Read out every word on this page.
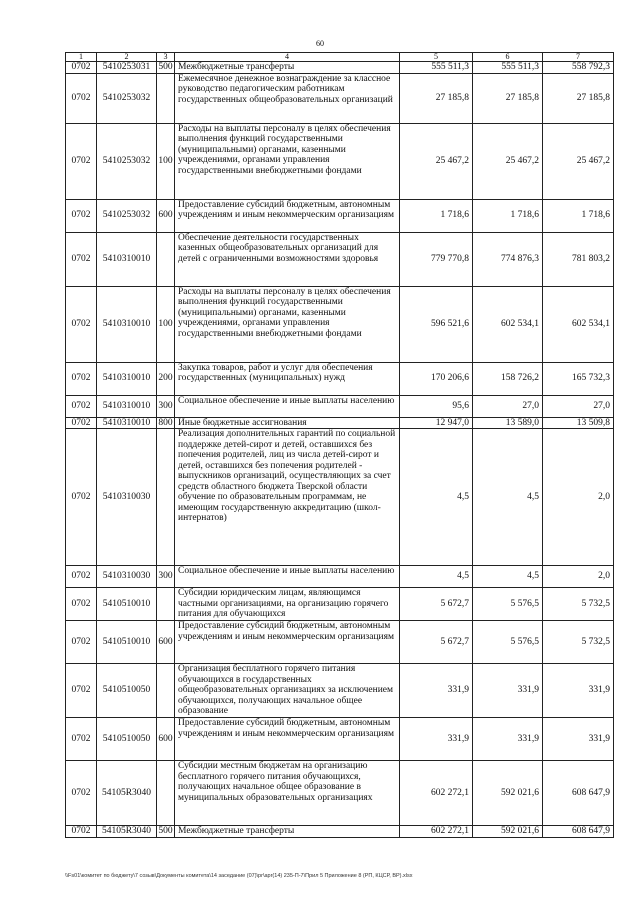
60
1	2	3	4	5	6	7
0702	5410253031	500	Межбюджетные трансферты	555 511,3	555 511,3	558 792,3
0702	5410253032		Ежемесячное денежное вознаграждение за классное руководство педагогическим работникам государственных общеобразовательных организаций	27 185,8	27 185,8	27 185,8
0702	5410253032	100	Расходы на выплаты персоналу в целях обеспечения выполнения функций государственными (муниципальными) органами, казенными учреждениями, органами управления государственными внебюджетными фондами	25 467,2	25 467,2	25 467,2
0702	5410253032	600	Предоставление субсидий бюджетным, автономным учреждениям и иным некоммерческим организациям	1 718,6	1 718,6	1 718,6
0702	5410310010		Обеспечение деятельности государственных казенных общеобразовательных организаций для детей с ограниченными возможностями здоровья	779 770,8	774 876,3	781 803,2
0702	5410310010	100	Расходы на выплаты персоналу в целях обеспечения выполнения функций государственными (муниципальными) органами, казенными учреждениями, органами управления государственными внебюджетными фондами	596 521,6	602 534,1	602 534,1
0702	5410310010	200	Закупка товаров, работ и услуг для обеспечения государственных (муниципальных) нужд	170 206,6	158 726,2	165 732,3
0702	5410310010	300	Социальное обеспечение и иные выплаты населению	95,6	27,0	27,0
0702	5410310010	800	Иные бюджетные ассигнования	12 947,0	13 589,0	13 509,8
0702	5410310030		Реализация дополнительных гарантий по социальной поддержке детей-сирот и детей, оставшихся без попечения родителей, лиц из числа детей-сирот и детей, оставшихся без попечения родителей - выпускников организаций, осуществляющих за счет средств областного бюджета Тверской области обучение по образовательным программам, не имеющим государственную аккредитацию (школ-интернатов)	4,5	4,5	2,0
0702	5410310030	300	Социальное обеспечение и иные выплаты населению	4,5	4,5	2,0
0702	5410510010		Субсидии юридическим лицам, являющимся частными организациями, на организацию горячего питания для обучающихся	5 672,7	5 576,5	5 732,5
0702	5410510010	600	Предоставление субсидий бюджетным, автономным учреждениям и иным некоммерческим организациям	5 672,7	5 576,5	5 732,5
0702	5410510050		Организация бесплатного горячего питания обучающихся в государственных общеобразовательных организациях за исключением обучающихся, получающих начальное общее образование	331,9	331,9	331,9
0702	5410510050	600	Предоставление субсидий бюджетным, автономным учреждениям и иным некоммерческим организациям	331,9	331,9	331,9
0702	54105R3040		Субсидии местным бюджетам на организацию бесплатного горячего питания обучающихся, получающих начальное общее образование в муниципальных образовательных организациях	602 272,1	592 021,6	608 647,9
0702	54105R3040	500	Межбюджетные трансферты	602 272,1	592 021,6	608 647,9
\\Fs01\комитет по бюджету\7 созыв\Документы комитета\14 заседание (07)\pr\apr(14) 235-П-7\Прил 5 Приложение 8 (РП, КЦСР, ВР).xlsx
